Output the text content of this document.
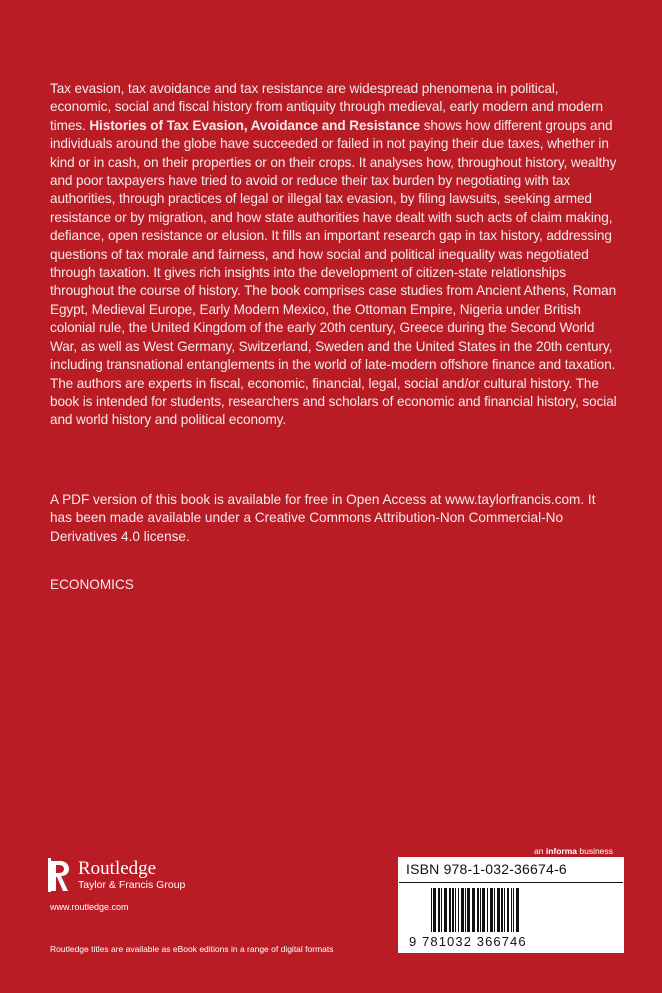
Tax evasion, tax avoidance and tax resistance are widespread phenomena in political, economic, social and fiscal history from antiquity through medieval, early modern and modern times. Histories of Tax Evasion, Avoidance and Resistance shows how different groups and individuals around the globe have succeeded or failed in not paying their due taxes, whether in kind or in cash, on their properties or on their crops. It analyses how, throughout history, wealthy and poor taxpayers have tried to avoid or reduce their tax burden by negotiating with tax authorities, through practices of legal or illegal tax evasion, by filing lawsuits, seeking armed resistance or by migration, and how state authorities have dealt with such acts of claim making, defiance, open resistance or elusion. It fills an important research gap in tax history, addressing questions of tax morale and fairness, and how social and political inequality was negotiated through taxation. It gives rich insights into the development of citizen-state relationships throughout the course of history. The book comprises case studies from Ancient Athens, Roman Egypt, Medieval Europe, Early Modern Mexico, the Ottoman Empire, Nigeria under British colonial rule, the United Kingdom of the early 20th century, Greece during the Second World War, as well as West Germany, Switzerland, Sweden and the United States in the 20th century, including transnational entanglements in the world of late-modern offshore finance and taxation. The authors are experts in fiscal, economic, financial, legal, social and/or cultural history. The book is intended for students, researchers and scholars of economic and financial history, social and world history and political economy.

A PDF version of this book is available for free in Open Access at www.taylorfrancis.com. It has been made available under a Creative Commons Attribution-Non Commercial-No Derivatives 4.0 license.

ECONOMICS

Routledge
Taylor & Francis Group
www.routledge.com
Routledge titles are available as eBook editions in a range of digital formats
an informa business
ISBN 978-1-032-36674-6
9 781032 366746
